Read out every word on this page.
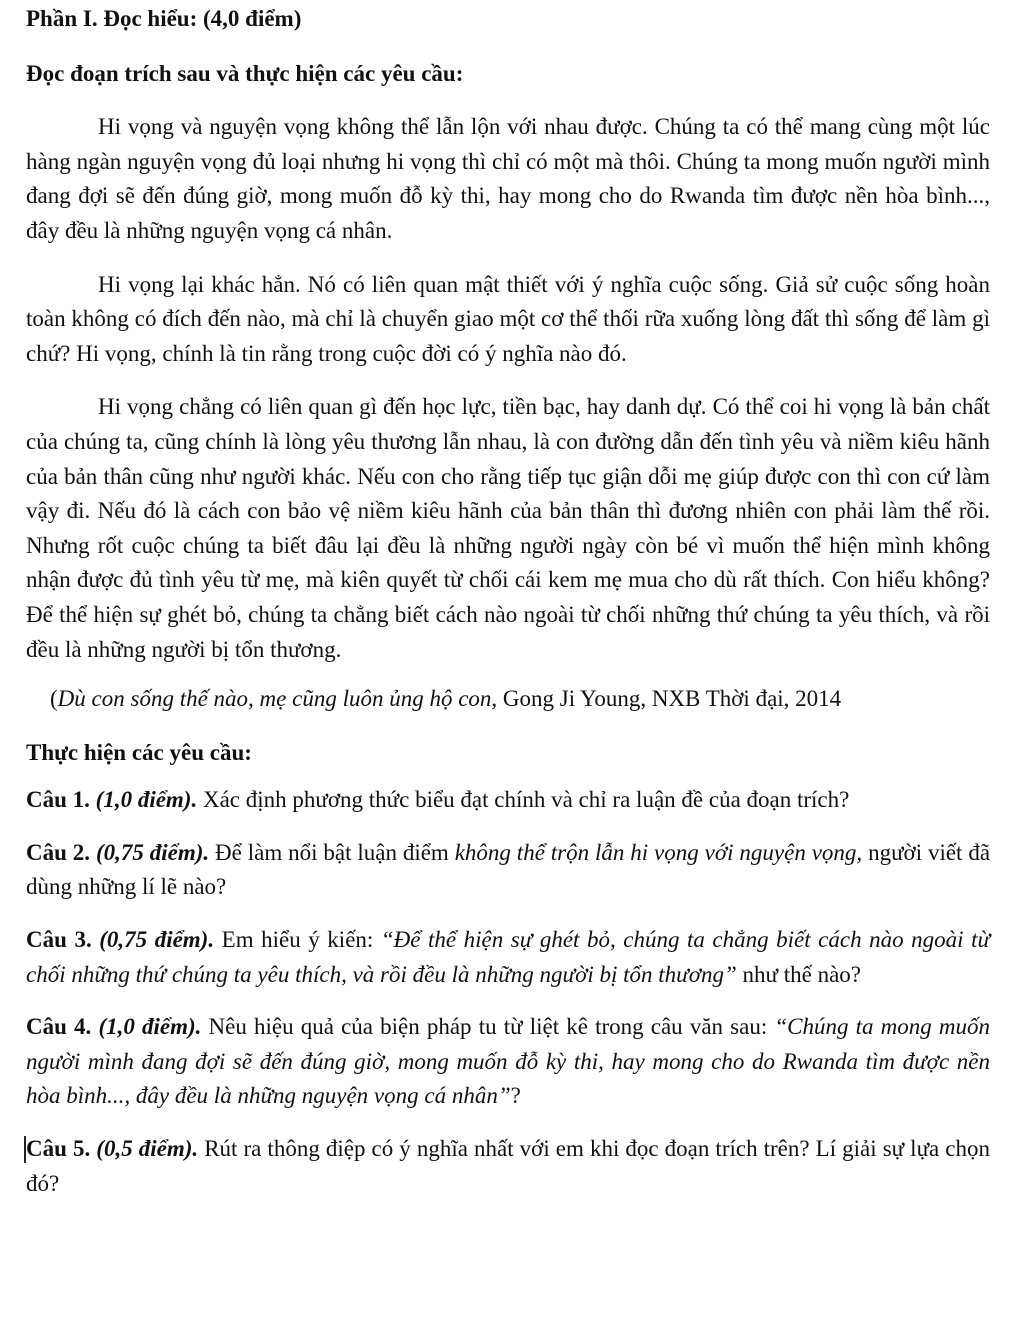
Phần I. Đọc hiểu: (4,0 điểm)

Đọc đoạn trích sau và thực hiện các yêu cầu:

Hi vọng và nguyện vọng không thể lẫn lộn với nhau được. Chúng ta có thể mang cùng một lúc hàng ngàn nguyện vọng đủ loại nhưng hi vọng thì chỉ có một mà thôi. Chúng ta mong muốn người mình đang đợi sẽ đến đúng giờ, mong muốn đỗ kỳ thi, hay mong cho do Rwanda tìm được nền hòa bình..., đây đều là những nguyện vọng cá nhân.

Hi vọng lại khác hẳn. Nó có liên quan mật thiết với ý nghĩa cuộc sống. Giả sử cuộc sống hoàn toàn không có đích đến nào, mà chỉ là chuyển giao một cơ thể thối rữa xuống lòng đất thì sống để làm gì chứ? Hi vọng, chính là tin rằng trong cuộc đời có ý nghĩa nào đó.

Hi vọng chẳng có liên quan gì đến học lực, tiền bạc, hay danh dự. Có thể coi hi vọng là bản chất của chúng ta, cũng chính là lòng yêu thương lẫn nhau, là con đường dẫn đến tình yêu và niềm kiêu hãnh của bản thân cũng như người khác. Nếu con cho rằng tiếp tục giận dỗi mẹ giúp được con thì con cứ làm vậy đi. Nếu đó là cách con bảo vệ niềm kiêu hãnh của bản thân thì đương nhiên con phải làm thế rồi. Nhưng rốt cuộc chúng ta biết đâu lại đều là những người ngày còn bé vì muốn thể hiện mình không nhận được đủ tình yêu từ mẹ, mà kiên quyết từ chối cái kem mẹ mua cho dù rất thích. Con hiểu không? Để thể hiện sự ghét bỏ, chúng ta chẳng biết cách nào ngoài từ chối những thứ chúng ta yêu thích, và rồi đều là những người bị tổn thương.

(Dù con sống thế nào, mẹ cũng luôn ủng hộ con, Gong Ji Young, NXB Thời đại, 2014

Thực hiện các yêu cầu:

Câu 1. (1,0 điểm). Xác định phương thức biểu đạt chính và chỉ ra luận đề của đoạn trích?

Câu 2. (0,75 điểm). Để làm nổi bật luận điểm không thể trộn lẫn hi vọng với nguyện vọng, người viết đã dùng những lí lẽ nào?

Câu 3. (0,75 điểm). Em hiểu ý kiến: “Để thể hiện sự ghét bỏ, chúng ta chẳng biết cách nào ngoài từ chối những thứ chúng ta yêu thích, và rồi đều là những người bị tổn thương” như thế nào?

Câu 4. (1,0 điểm). Nêu hiệu quả của biện pháp tu từ liệt kê trong câu văn sau: “Chúng ta mong muốn người mình đang đợi sẽ đến đúng giờ, mong muốn đỗ kỳ thi, hay mong cho do Rwanda tìm được nền hòa bình..., đây đều là những nguyện vọng cá nhân”?

Câu 5. (0,5 điểm). Rút ra thông điệp có ý nghĩa nhất với em khi đọc đoạn trích trên? Lí giải sự lựa chọn đó?
